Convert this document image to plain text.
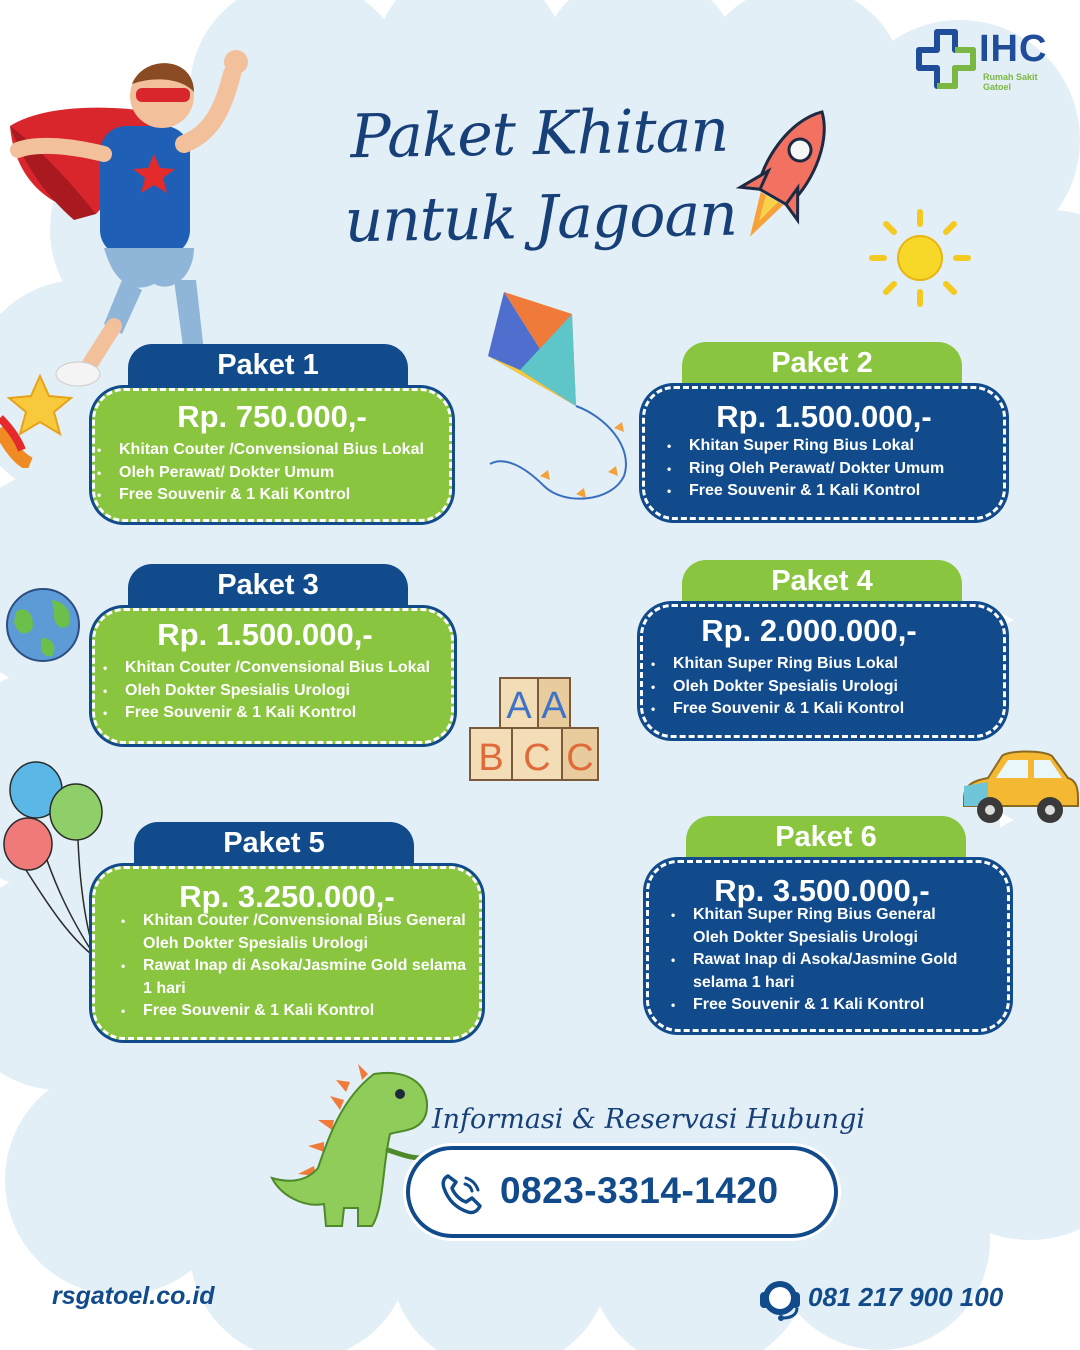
Paket Khitan
untuk Jagoan
IHC
Rumah Sakit
Gatoel
A A
B C C
Paket 1
Rp. 750.000,-
• Khitan Couter /Convensional Bius Lokal
• Oleh Perawat/ Dokter Umum
• Free Souvenir & 1 Kali Kontrol
Paket 2
Rp. 1.500.000,-
• Khitan Super Ring Bius Lokal
• Ring Oleh Perawat/ Dokter Umum
• Free Souvenir & 1 Kali Kontrol
Paket 3
Rp. 1.500.000,-
• Khitan Couter /Convensional Bius Lokal
• Oleh Dokter Spesialis Urologi
• Free Souvenir & 1 Kali Kontrol
Paket 4
Rp. 2.000.000,-
• Khitan Super Ring Bius Lokal
• Oleh Dokter Spesialis Urologi
• Free Souvenir & 1 Kali Kontrol
Paket 5
Rp. 3.250.000,-
• Khitan Couter /Convensional Bius General
Oleh Dokter Spesialis Urologi
• Rawat Inap di Asoka/Jasmine Gold selama
1 hari
• Free Souvenir & 1 Kali Kontrol
Paket 6
Rp. 3.500.000,-
• Khitan Super Ring Bius General
Oleh Dokter Spesialis Urologi
• Rawat Inap di Asoka/Jasmine Gold
selama 1 hari
• Free Souvenir & 1 Kali Kontrol
Informasi & Reservasi Hubungi
0823-3314-1420
rsgatoel.co.id	081 217 900 100
